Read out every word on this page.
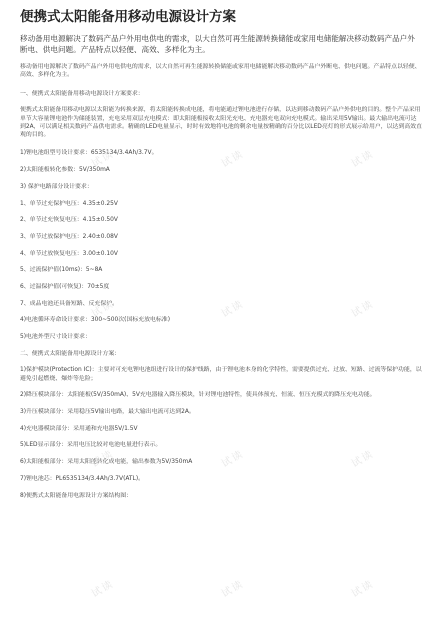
便携式太阳能备用移动电源设计方案
移动备用电源解决了数码产品户外用电供电的需求，以大自然可再生能源转换储能或家用电储能解决移动数码产品户外断电、供电问题。产品特点以轻便、高效、多样化为主。

移动备用电源解决了数码产品户外用电供电的需求，以大自然可再生能源转换储能或家用电储能解决移动数码产品户外断电、供电问题。产品特点以轻便、高效、多样化为主。

一、便携式太阳能备用移动电源设计方案要求：

便携式太阳能备用移动电源以太阳能为转换来源，将太阳能转换成电能，将电能通过锂电池进行存储，以达到移动数码产品户外供电的目的。整个产品采用单节大容量锂电池作为储能装置，充电采用双层充电模式：即太阳能板接收太阳光充电、充电器充电双向充电模式。输出采用5V输出。最大输出电流可达到2A，可以满足相关数码产品供电需求。精确的LED电量显示，时时有效地将电池的剩余电量按精确的百分比以LED亮灯的形式展示给用户，以达到高效直观的目的。

1)锂电池组型号设计要求：6535134/3.4Ah/3.7V。

2)太阳能板转化参数：5V/350mA

3) 保护电路部分设计要求：

1、单节过充保护电压：4.35±0.25V

2、单节过充恢复电压：4.15±0.50V

3、单节过放保护电压：2.40±0.08V

4、单节过放恢复电压：3.00±0.10V

5、过流保护值(10ms)：5~8A

6、过温保护值(可恢复)：70±5度

7、成品电池还具备短路、反充保护。

4)电池循环寿命设计要求：300~500次(国标充放电标准)

5)电池外型尺寸设计要求：

二、便携式太阳能备用电源设计方案：

1)保护模块(Protection IC)：主要对可充电锂电池组进行设计的保护线路，由于锂电池本身的化学特性，需要提供过充、过放、短路、过流等保护功能，以避免引起燃烧、爆炸等危险；

2)降压模块部分：太阳能板(5V/350mA)、5V充电器输入降压模块，针对锂电池特性，使具体预充、恒流、恒压充模式的降压充电功能。

3)升压模块部分：采用稳压5V输出电路，最大输出电流可达到2A。

4)充电器模块部分：采用通和充电器5V/1.5V

5)LED显示部分：采用电压比较对电池电量进行表示。

6)太阳能板部分：采用太阳能转化成电能，输出参数为5V/350mA

7)锂电池芯：PL6535134/3.4Ah/3.7V(ATL)。

8)便携式太阳能备用电源设计方案结构图：

试读	试读	试读
试读	试读	试读
试读	试读	试读
试读	试读	试读
